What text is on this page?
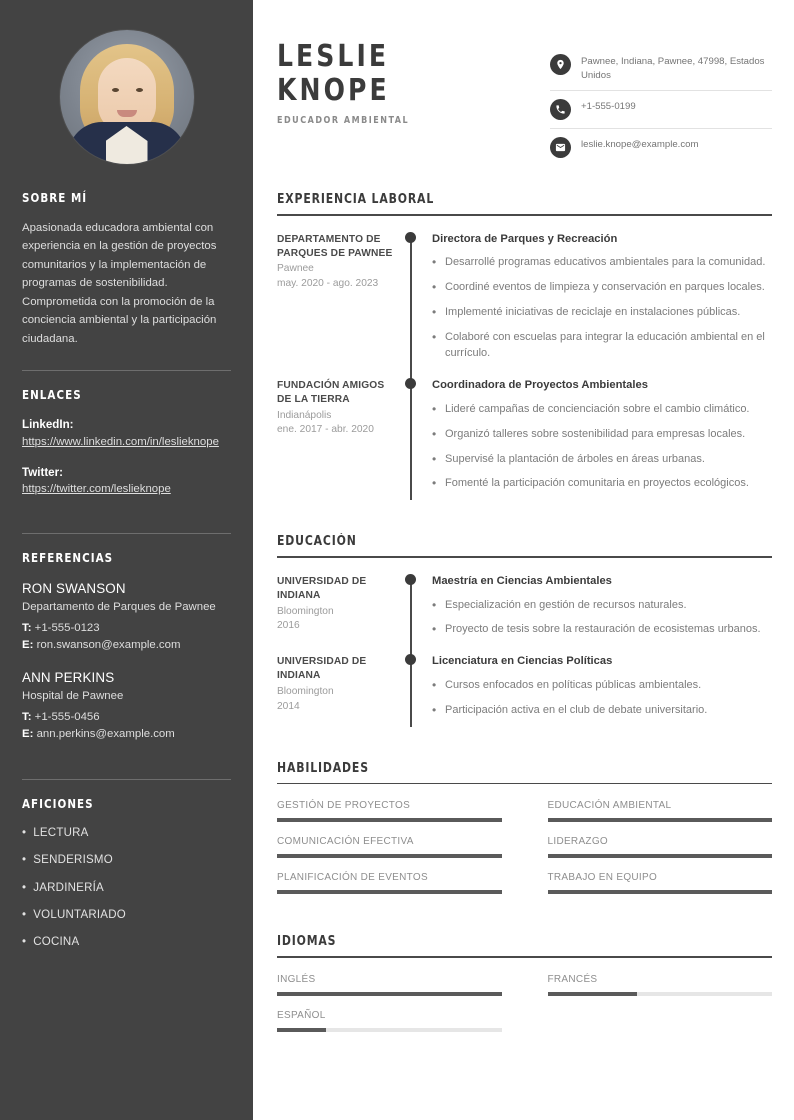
SOBRE MÍ

Apasionada educadora ambiental con experiencia en la gestión de proyectos comunitarios y la implementación de programas de sostenibilidad. Comprometida con la promoción de la conciencia ambiental y la participación ciudadana.

ENLACES
LinkedIn:
https://www.linkedin.com/in/leslieknope
Twitter:
https://twitter.com/leslieknope
REFERENCIAS
RON SWANSON
Departamento de Parques de Pawnee
T: +1-555-0123
E: ron.swanson@example.com
ANN PERKINS
Hospital de Pawnee
T: +1-555-0456
E: ann.perkins@example.com
AFICIONES
• LECTURA
• SENDERISMO
• JARDINERÍA
• VOLUNTARIADO
• COCINA
LESLIE
KNOPE
EDUCADOR AMBIENTAL
Pawnee, Indiana, Pawnee, 47998, Estados Unidos
+1-555-0199
leslie.knope@example.com
EXPERIENCIA LABORAL
DEPARTAMENTO DE PARQUES DE PAWNEE
Pawnee
may. 2020 - ago. 2023
Directora de Parques y Recreación
• Desarrollé programas educativos ambientales para la comunidad.
• Coordiné eventos de limpieza y conservación en parques locales.
• Implementé iniciativas de reciclaje en instalaciones públicas.
• Colaboré con escuelas para integrar la educación ambiental en el currículo.
FUNDACIÓN AMIGOS DE LA TIERRA
Indianápolis
ene. 2017 - abr. 2020
Coordinadora de Proyectos Ambientales
• Lideré campañas de concienciación sobre el cambio climático.
• Organizó talleres sobre sostenibilidad para empresas locales.
• Supervisé la plantación de árboles en áreas urbanas.
• Fomenté la participación comunitaria en proyectos ecológicos.
EDUCACIÓN
UNIVERSIDAD DE INDIANA
Bloomington
2016
Maestría en Ciencias Ambientales
• Especialización en gestión de recursos naturales.
• Proyecto de tesis sobre la restauración de ecosistemas urbanos.
UNIVERSIDAD DE INDIANA
Bloomington
2014
Licenciatura en Ciencias Políticas
• Cursos enfocados en políticas públicas ambientales.
• Participación activa en el club de debate universitario.
HABILIDADES
GESTIÓN DE PROYECTOS	EDUCACIÓN AMBIENTAL
COMUNICACIÓN EFECTIVA	LIDERAZGO
PLANIFICACIÓN DE EVENTOS	TRABAJO EN EQUIPO
IDIOMAS
INGLÉS	FRANCÉS
ESPAÑOL
